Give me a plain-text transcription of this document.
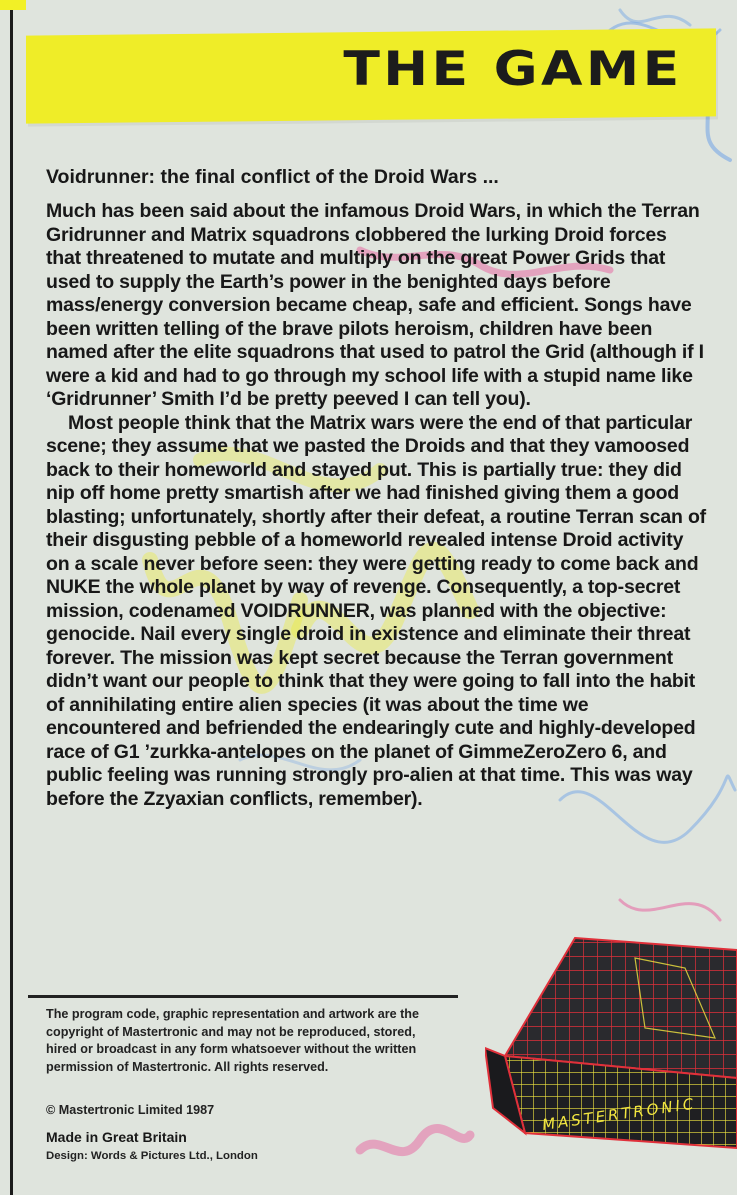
THE GAME
Voidrunner: the final conflict of the Droid Wars ...

Much has been said about the infamous Droid Wars, in which the Terran Gridrunner and Matrix squadrons clobbered the lurking Droid forces that threatened to mutate and multiply on the great Power Grids that used to supply the Earth’s power in the benighted days before mass/energy conversion became cheap, safe and efficient. Songs have been written telling of the brave pilots heroism, children have been named after the elite squadrons that used to patrol the Grid (although if I were a kid and had to go through my school life with a stupid name like ‘Gridrunner’ Smith I’d be pretty peeved I can tell you).

Most people think that the Matrix wars were the end of that particular scene; they assume that we pasted the Droids and that they vamoosed back to their homeworld and stayed put. This is partially true: they did nip off home pretty smartish after we had finished giving them a good blasting; unfortunately, shortly after their defeat, a routine Terran scan of their disgusting pebble of a homeworld revealed intense Droid activity on a scale never before seen: they were getting ready to come back and NUKE the whole planet by way of revenge. Consequently, a top-secret mission, codenamed VOIDRUNNER, was planned with the objective: genocide. Nail every single droid in existence and eliminate their threat forever. The mission was kept secret because the Terran government didn’t want our people to think that they were going to fall into the habit of annihilating entire alien species (it was about the time we encountered and befriended the endearingly cute and highly-developed race of G1 ’zurkka-antelopes on the planet of GimmeZeroZero 6, and public feeling was running strongly pro-alien at that time. This was way before the Zzyaxian conflicts, remember).

The program code, graphic representation and artwork are the copyright of Mastertronic and may not be reproduced, stored, hired or broadcast in any form whatsoever without the written permission of Mastertronic. All rights reserved.

© Mastertronic Limited 1987
Made in Great Britain
Design: Words & Pictures Ltd., London
MASTERTRONIC
